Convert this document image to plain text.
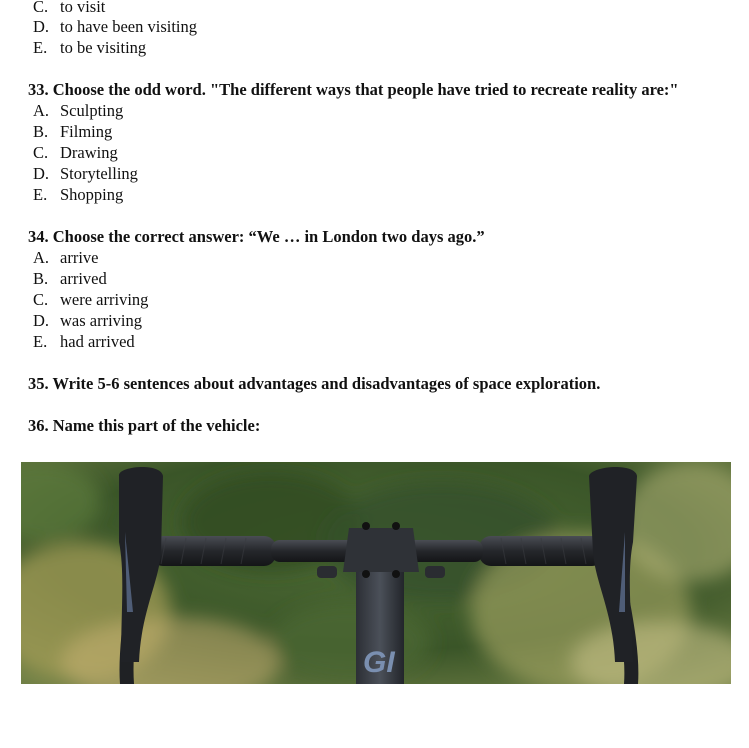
C. to visit
D. to have been visiting
E. to be visiting
33. Choose the odd word. "The different ways that people have tried to recreate reality are:"
A. Sculpting
B. Filming
C. Drawing
D. Storytelling
E. Shopping
34. Choose the correct answer: “We … in London two days ago.”
A. arrive
B. arrived
C. were arriving
D. was arriving
E. had arrived
35. Write 5-6 sentences about advantages and disadvantages of space exploration.
36. Name this part of the vehicle:
GI
